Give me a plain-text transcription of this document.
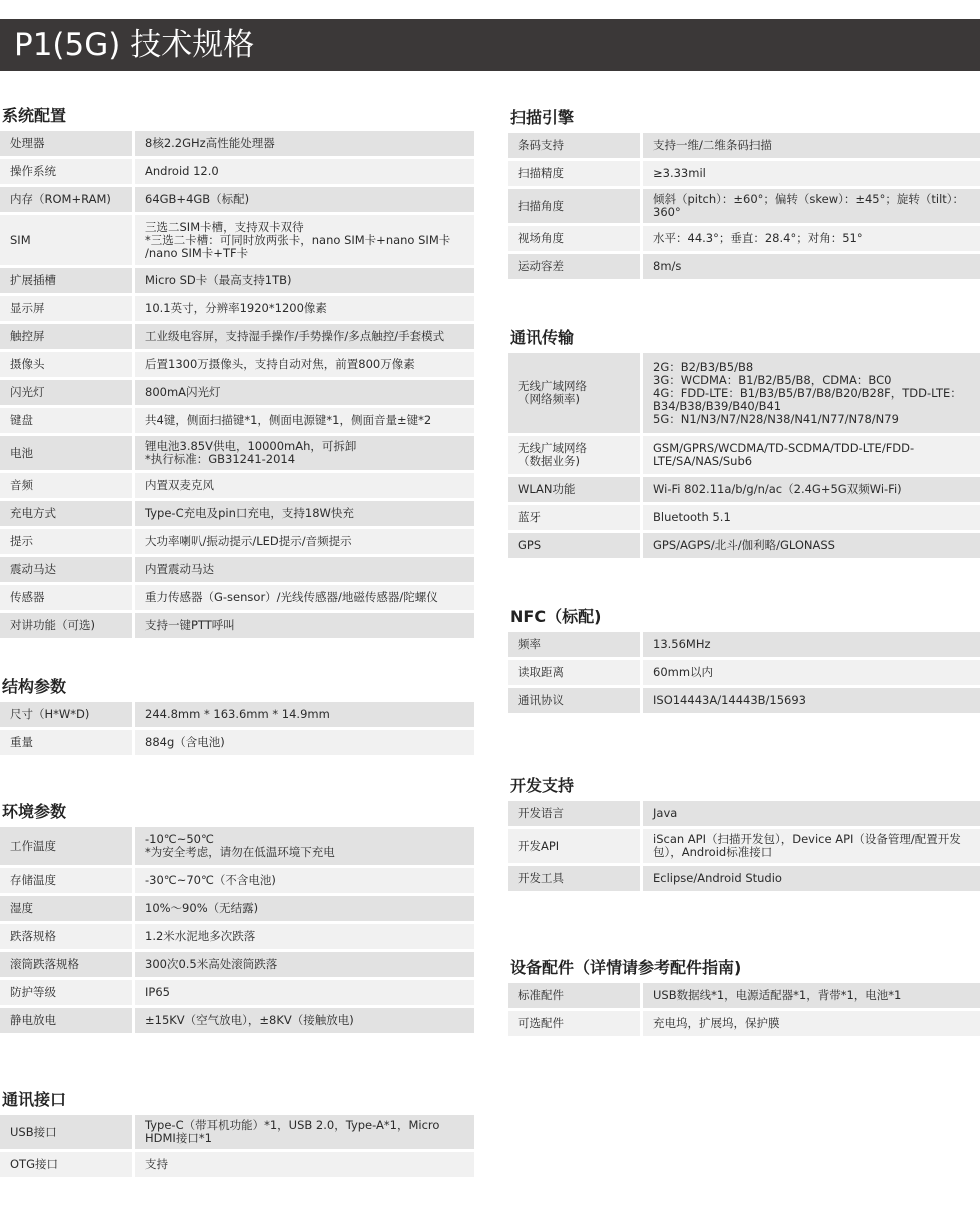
P1(5G) 技术规格
系统配置
处理器	8核2.2GHz高性能处理器

操作系统	Android 12.0

内存（ROM+RAM)	64GB+4GB（标配)

SIM	三选二SIM卡槽，支持双卡双待
*三选二卡槽：可同时放两张卡，nano SIM卡+nano SIM卡
/nano SIM卡+TF卡

扩展插槽	Micro SD卡（最高支持1TB)

显示屏	10.1英寸，分辨率1920*1200像素

触控屏	工业级电容屏，支持湿手操作/手势操作/多点触控/手套模式

摄像头	后置1300万摄像头，支持自动对焦，前置800万像素

闪光灯	800mA闪光灯

键盘	共4键，侧面扫描键*1，侧面电源键*1，侧面音量±键*2

电池	锂电池3.85V供电，10000mAh，可拆卸
*执行标准：GB31241-2014

音频	内置双麦克风

充电方式	Type-C充电及pin口充电，支持18W快充

提示	大功率喇叭/振动提示/LED提示/音频提示

震动马达	内置震动马达

传感器	重力传感器（G-sensor）/光线传感器/地磁传感器/陀螺仪

对讲功能（可选)	支持一键PTT呼叫
结构参数
尺寸（H*W*D)	244.8mm * 163.6mm * 14.9mm

重量	884g（含电池)
环境参数
工作温度	-10℃~50℃
*为安全考虑，请勿在低温环境下充电

存储温度	-30℃~70℃（不含电池)

湿度	10%～90%（无结露)

跌落规格	1.2米水泥地多次跌落

滚筒跌落规格	300次0.5米高处滚筒跌落

防护等级	IP65

静电放电	±15KV（空气放电），±8KV（接触放电)
通讯接口
USB接口	Type-C（带耳机功能）*1，USB 2.0，Type-A*1，Micro
HDMI接口*1

OTG接口	支持
扫描引擎
条码支持	支持一维/二维条码扫描

扫描精度	≥3.33mil

扫描角度	倾斜（pitch）：±60°；偏转（skew）：±45°；旋转（tilt）：
360°

视场角度	水平：44.3°；垂直：28.4°；对角：51°

运动容差	8m/s
通讯传输
无线广域网络
（网络频率)	2G：B2/B3/B5/B8
3G：WCDMA：B1/B2/B5/B8，CDMA：BC0
4G：FDD-LTE：B1/B3/B5/B7/B8/B20/B28F，TDD-LTE：
B34/B38/B39/B40/B41
5G：N1/N3/N7/N28/N38/N41/N77/N78/N79

无线广域网络
（数据业务)	GSM/GPRS/WCDMA/TD-SCDMA/TDD-LTE/FDD-
LTE/SA/NAS/Sub6

WLAN功能	Wi-Fi 802.11a/b/g/n/ac（2.4G+5G双频Wi-Fi)

蓝牙	Bluetooth 5.1

GPS	GPS/AGPS/北斗/伽利略/GLONASS
NFC（标配)
频率	13.56MHz

读取距离	60mm以内

通讯协议	ISO14443A/14443B/15693
开发支持
开发语言	Java

开发API	iScan API（扫描开发包），Device API（设备管理/配置开发
包），Android标准接口

开发工具	Eclipse/Android Studio
设备配件（详情请参考配件指南)
标准配件	USB数据线*1，电源适配器*1，背带*1，电池*1

可选配件	充电坞，扩展坞，保护膜
